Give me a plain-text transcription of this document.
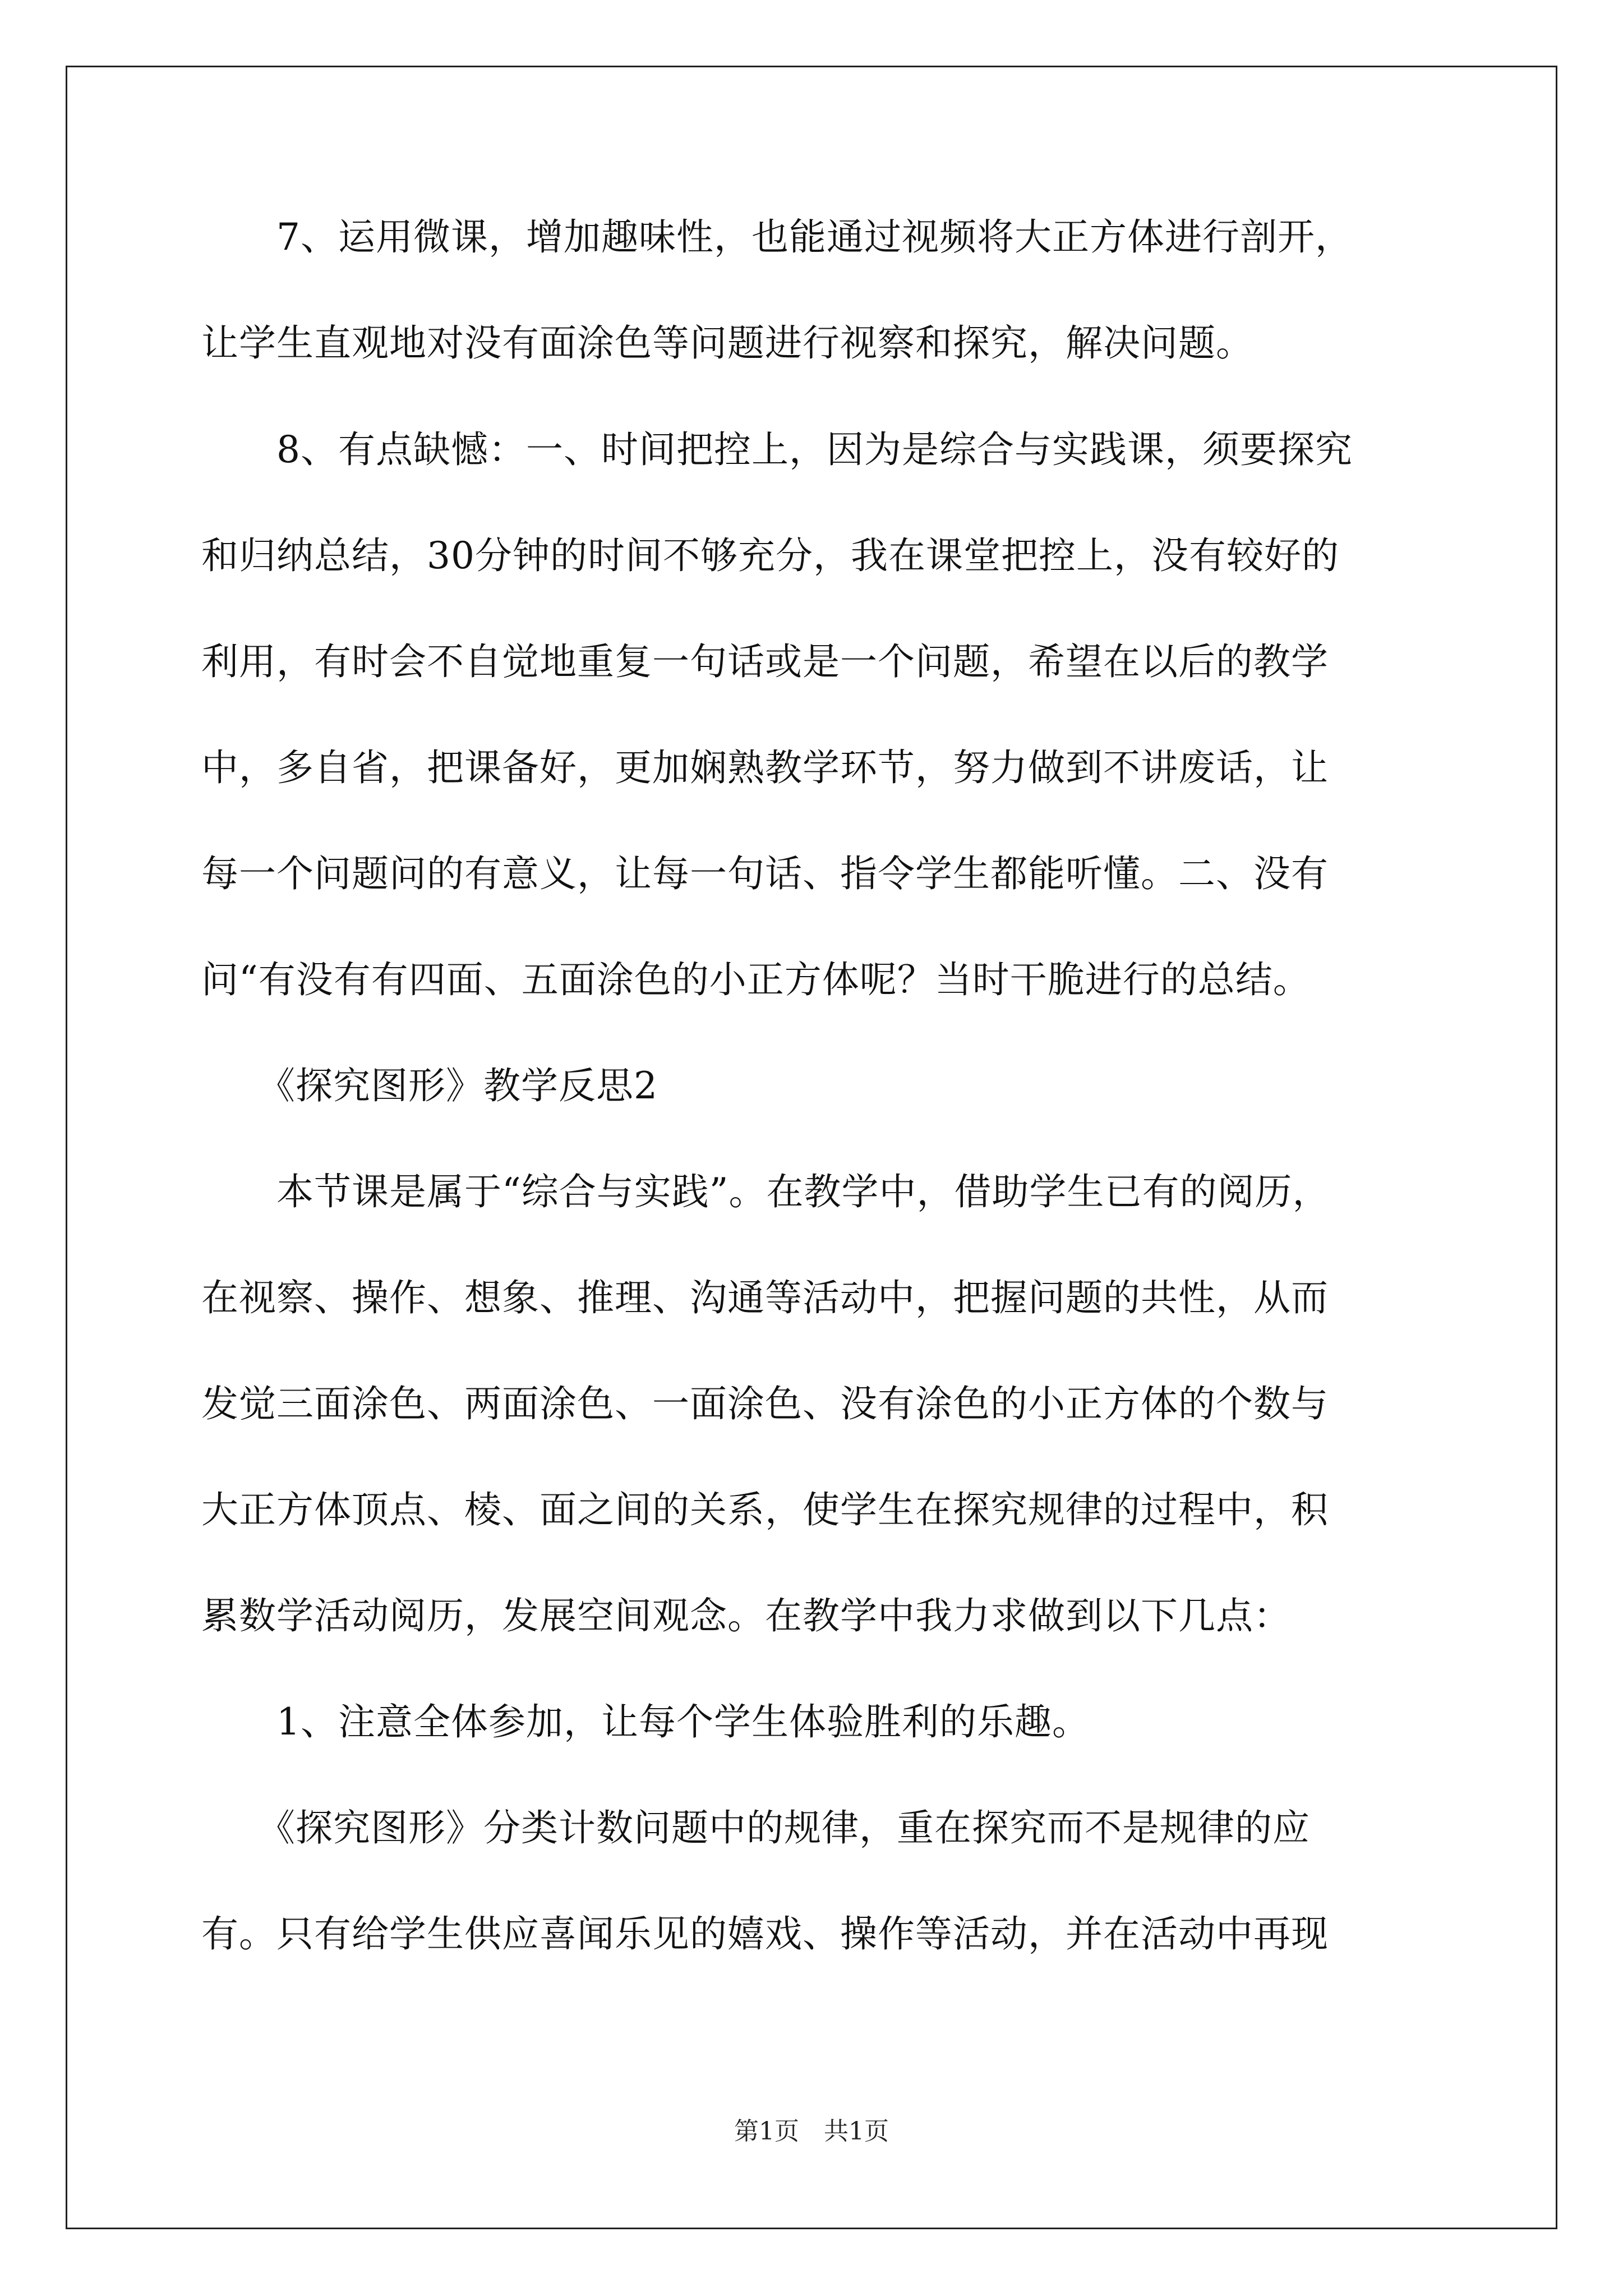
　　7、运用微课，增加趣味性，也能通过视频将大正方体进行剖开，
让学生直观地对没有面涂色等问题进行视察和探究，解决问题。
　　8、有点缺憾：一、时间把控上，因为是综合与实践课，须要探究
和归纳总结，30分钟的时间不够充分，我在课堂把控上，没有较好的
利用，有时会不自觉地重复一句话或是一个问题，希望在以后的教学
中，多自省，把课备好，更加娴熟教学环节，努力做到不讲废话，让
每一个问题问的有意义，让每一句话、指令学生都能听懂。二、没有
问“有没有有四面、五面涂色的小正方体呢？当时干脆进行的总结。
　　《探究图形》教学反思2
　　本节课是属于“综合与实践”。在教学中，借助学生已有的阅历，
在视察、操作、想象、推理、沟通等活动中，把握问题的共性，从而
发觉三面涂色、两面涂色、一面涂色、没有涂色的小正方体的个数与
大正方体顶点、棱、面之间的关系，使学生在探究规律的过程中，积
累数学活动阅历，发展空间观念。在教学中我力求做到以下几点：
　　1、注意全体参加，让每个学生体验胜利的乐趣。
　　《探究图形》分类计数问题中的规律，重在探究而不是规律的应
有。只有给学生供应喜闻乐见的嬉戏、操作等活动，并在活动中再现
第1页　共1页
